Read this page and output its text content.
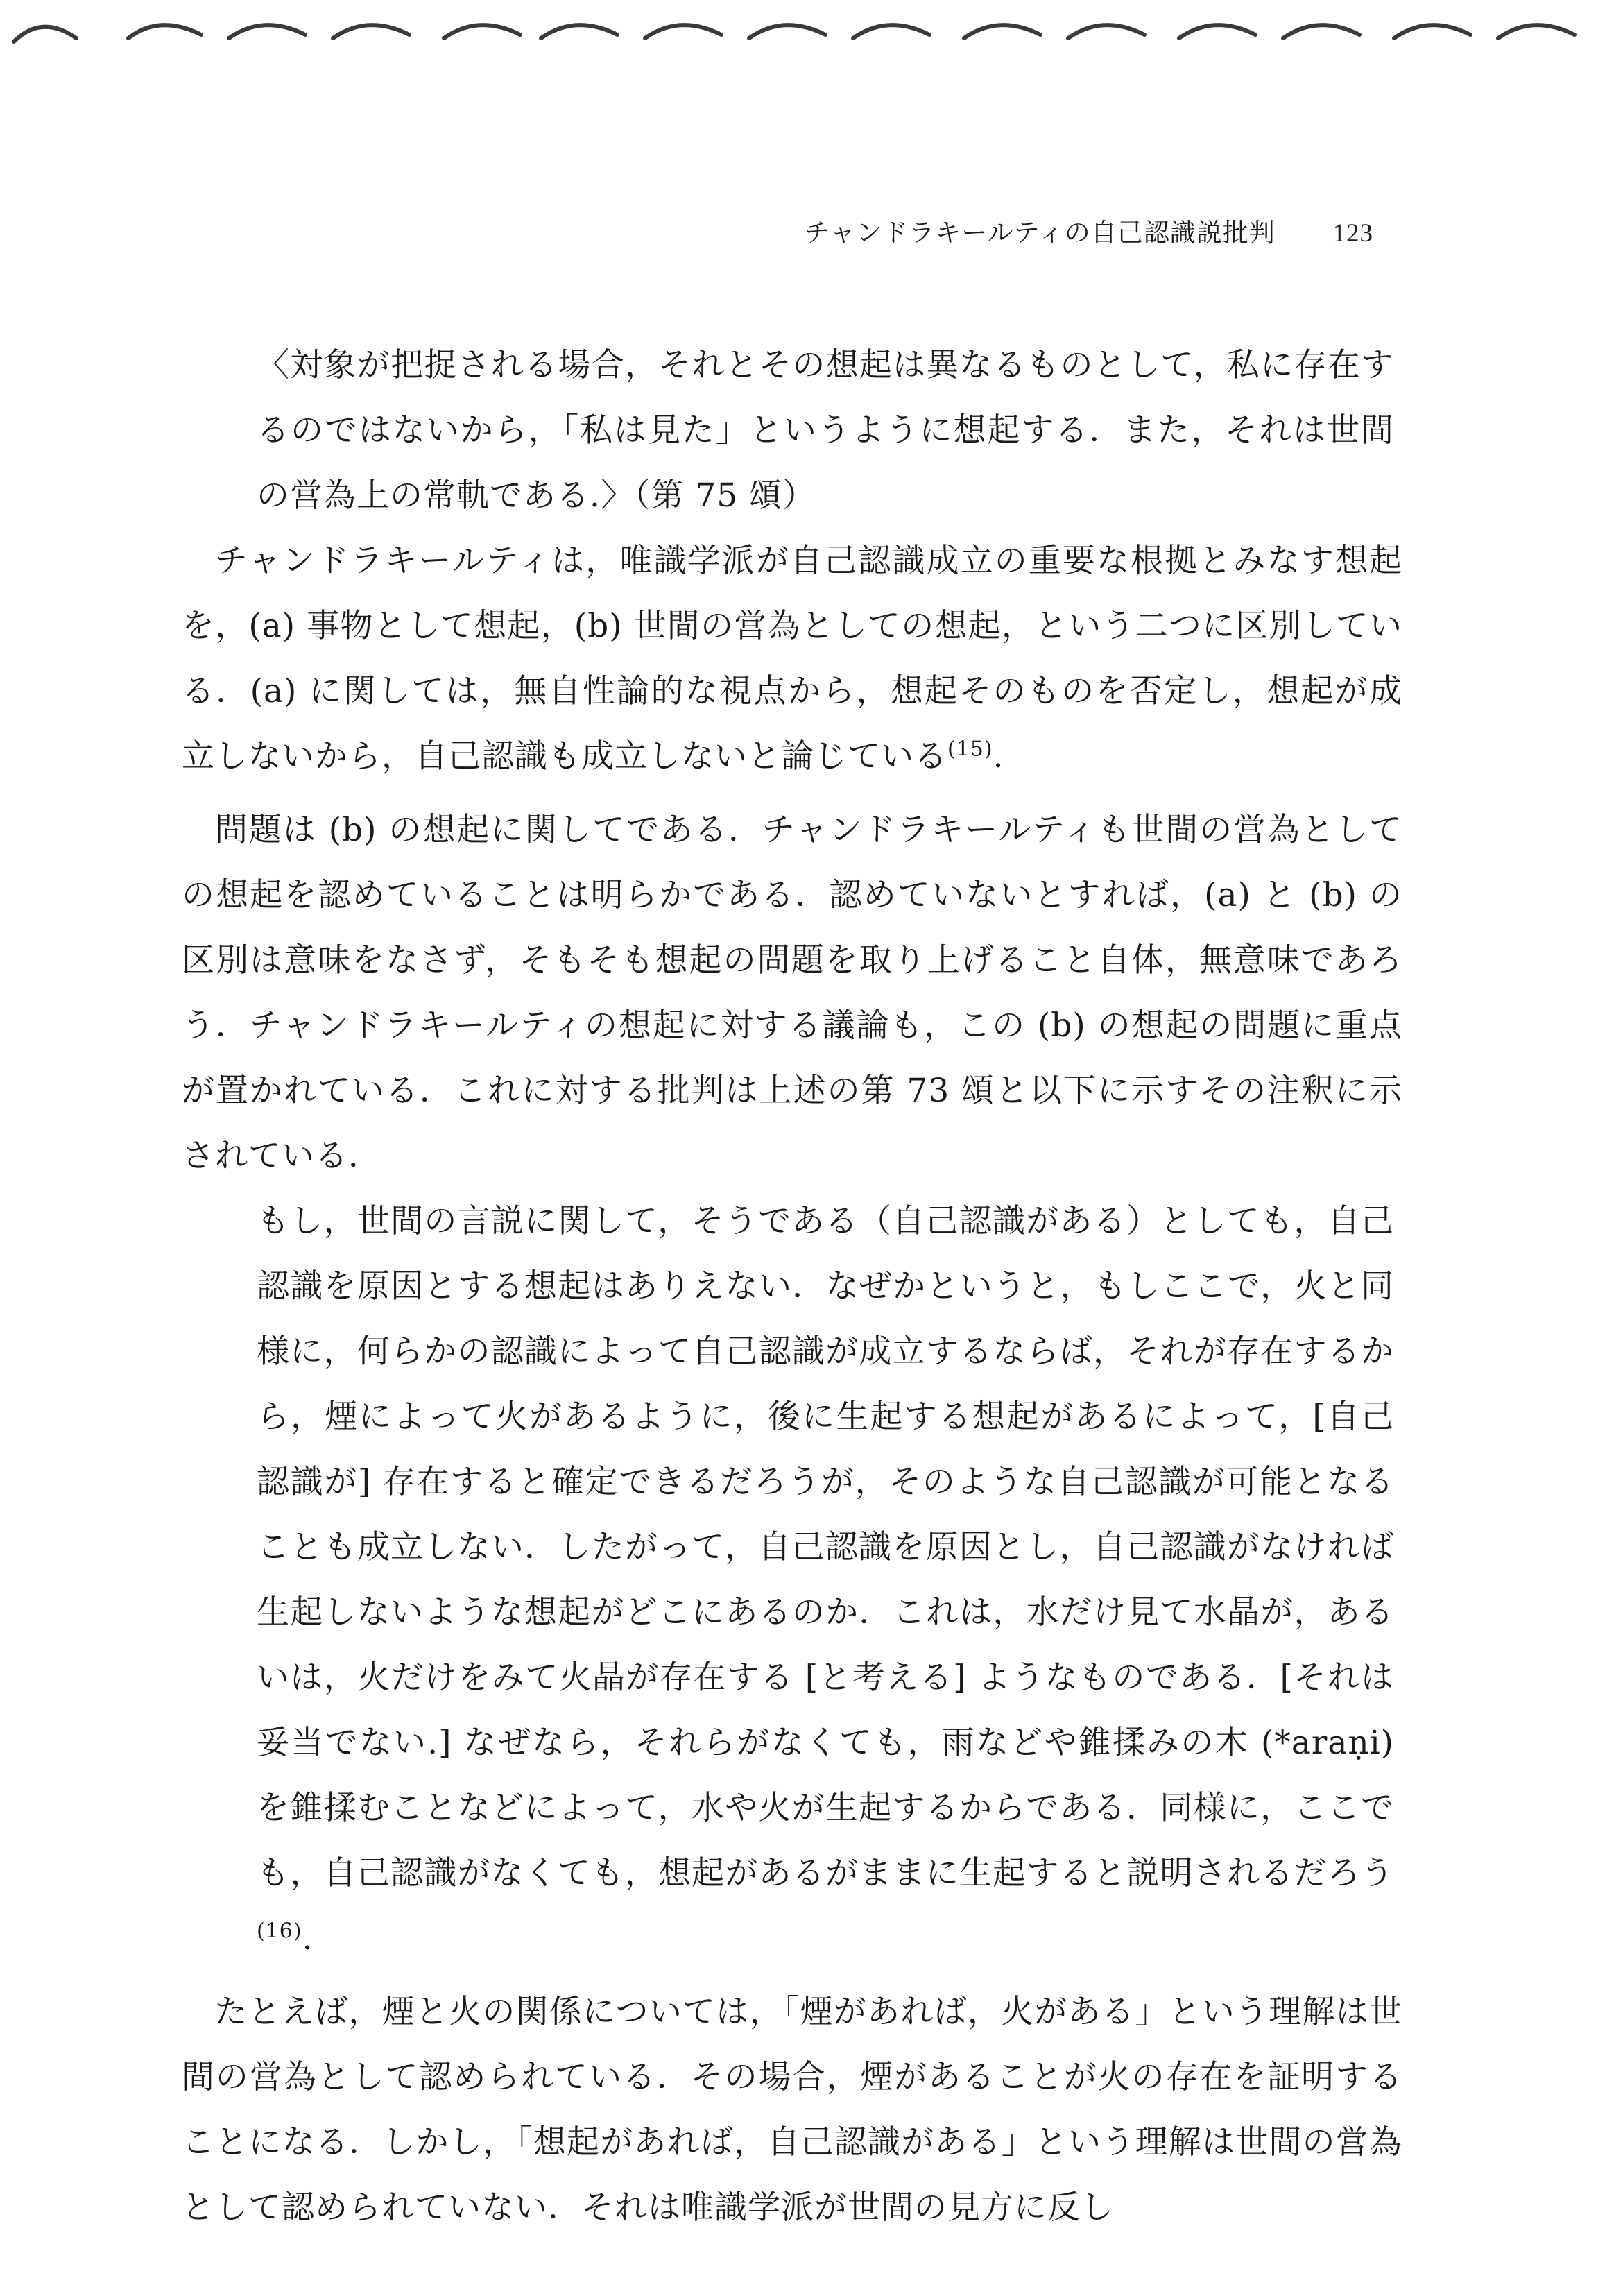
チャンドラキールティの自己認識説批判 123

〈対象が把捉される場合，それとその想起は異なるものとして，私に存在するのではないから，「私は見た」というように想起する．また，それは世間の営為上の常軌である.〉（第 75 頌）

チャンドラキールティは，唯識学派が自己認識成立の重要な根拠とみなす想起を，(a) 事物として想起，(b) 世間の営為としての想起，という二つに区別している．(a) に関しては，無自性論的な視点から，想起そのものを否定し，想起が成立しないから，自己認識も成立しないと論じている$^{(15)}$.

問題は (b) の想起に関してである．チャンドラキールティも世間の営為としての想起を認めていることは明らかである．認めていないとすれば，(a) と (b) の区別は意味をなさず，そもそも想起の問題を取り上げること自体，無意味であろう．チャンドラキールティの想起に対する議論も，この (b) の想起の問題に重点が置かれている．これに対する批判は上述の第 73 頌と以下に示すその注釈に示されている．

もし，世間の言説に関して，そうである（自己認識がある）としても，自己認識を原因とする想起はありえない．なぜかというと，もしここで，火と同様に，何らかの認識によって自己認識が成立するならば，それが存在するから，煙によって火があるように，後に生起する想起があるによって，[自己認識が] 存在すると確定できるだろうが，そのような自己認識が可能となることも成立しない．したがって，自己認識を原因とし，自己認識がなければ生起しないような想起がどこにあるのか．これは，水だけ見て水晶が，あるいは，火だけをみて火晶が存在する [と考える] ようなものである．[それは妥当でない.] なぜなら，それらがなくても，雨などや錐揉みの木 (*araṇi) を錐揉むことなどによって，水や火が生起するからである．同様に，ここでも，自己認識がなくても，想起があるがままに生起すると説明されるだろう$^{(16)}$.

たとえば，煙と火の関係については，「煙があれば，火がある」という理解は世間の営為として認められている．その場合，煙があることが火の存在を証明することになる．しかし，「想起があれば，自己認識がある」という理解は世間の営為として認められていない．それは唯識学派が世間の見方に反し
